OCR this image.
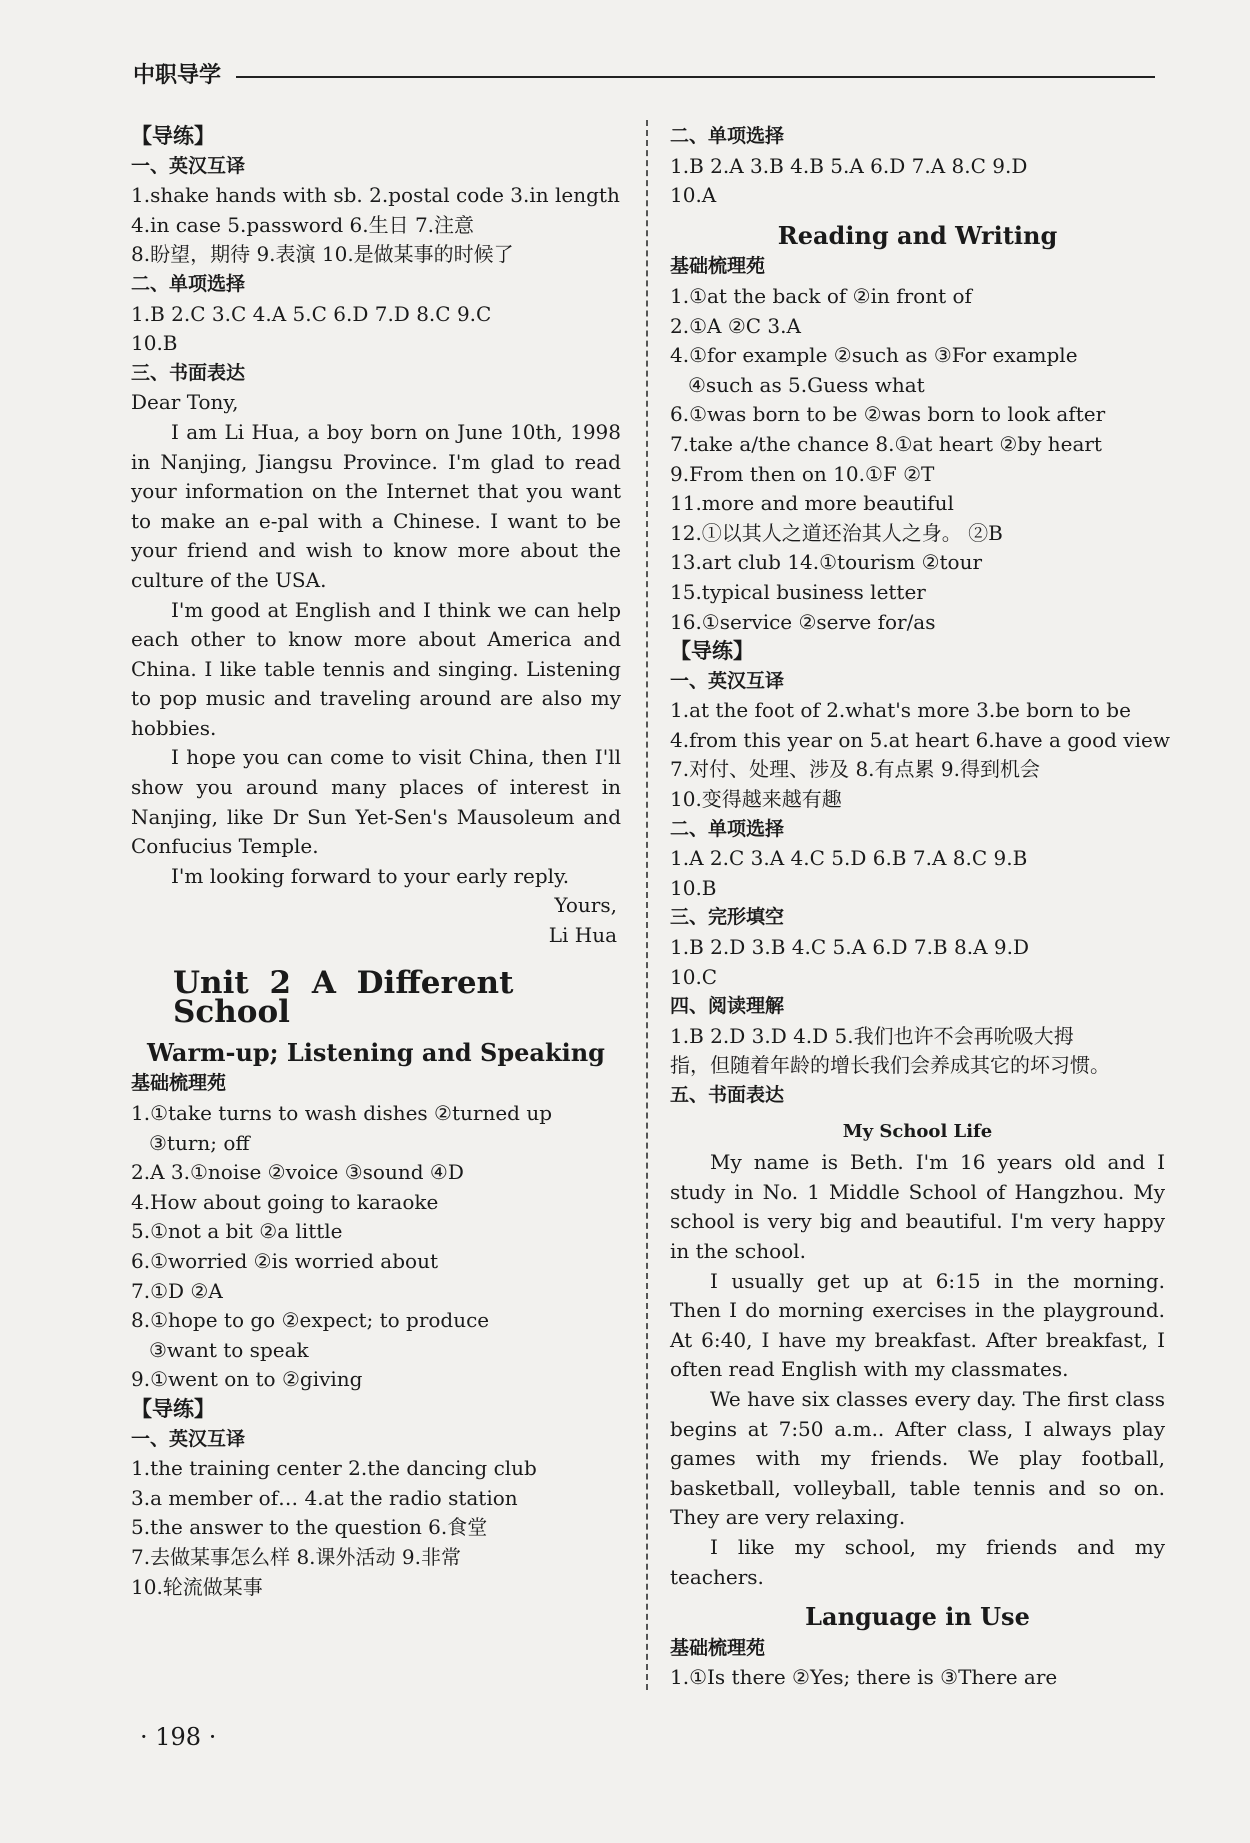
中职导学
【导练】
一、英汉互译
1.shake hands with sb. 2.postal code 3.in length
4.in case 5.password 6.生日 7.注意
8.盼望，期待 9.表演 10.是做某事的时候了
二、单项选择
1.B 2.C 3.C 4.A 5.C 6.D 7.D 8.C 9.C
10.B
三、书面表达
Dear Tony,
I am Li Hua, a boy born on June 10th, 1998 in Nanjing, Jiangsu Province. I'm glad to read your information on the Internet that you want to make an e-pal with a Chinese. I want to be your friend and wish to know more about the culture of the USA.
I'm good at English and I think we can help each other to know more about America and China. I like table tennis and singing. Listening to pop music and traveling around are also my hobbies.
I hope you can come to visit China, then I'll show you around many places of interest in Nanjing, like Dr Sun Yet-Sen's Mausoleum and Confucius Temple.
I'm looking forward to your early reply.
Yours,
Li Hua
Unit 2 A Different School
Warm-up; Listening and Speaking
基础梳理苑
1.①take turns to wash dishes ②turned up
③turn; off
2.A 3.①noise ②voice ③sound ④D
4.How about going to karaoke
5.①not a bit ②a little
6.①worried ②is worried about
7.①D ②A
8.①hope to go ②expect; to produce
③want to speak
9.①went on to ②giving
【导练】
一、英汉互译
1.the training center 2.the dancing club
3.a member of… 4.at the radio station
5.the answer to the question 6.食堂
7.去做某事怎么样 8.课外活动 9.非常
10.轮流做某事
二、单项选择
1.B 2.A 3.B 4.B 5.A 6.D 7.A 8.C 9.D
10.A
Reading and Writing
基础梳理苑
1.①at the back of ②in front of
2.①A ②C 3.A
4.①for example ②such as ③For example
④such as 5.Guess what
6.①was born to be ②was born to look after
7.take a/the chance 8.①at heart ②by heart
9.From then on 10.①F ②T
11.more and more beautiful
12.①以其人之道还治其人之身。 ②B
13.art club 14.①tourism ②tour
15.typical business letter
16.①service ②serve for/as
【导练】
一、英汉互译
1.at the foot of 2.what's more 3.be born to be
4.from this year on 5.at heart 6.have a good view
7.对付、处理、涉及 8.有点累 9.得到机会
10.变得越来越有趣
二、单项选择
1.A 2.C 3.A 4.C 5.D 6.B 7.A 8.C 9.B
10.B
三、完形填空
1.B 2.D 3.B 4.C 5.A 6.D 7.B 8.A 9.D
10.C
四、阅读理解
1.B 2.D 3.D 4.D 5.我们也许不会再吮吸大拇
指，但随着年龄的增长我们会养成其它的坏习惯。
五、书面表达
My School Life
My name is Beth. I'm 16 years old and I study in No. 1 Middle School of Hangzhou. My school is very big and beautiful. I'm very happy in the school.
I usually get up at 6:15 in the morning. Then I do morning exercises in the playground. At 6:40, I have my breakfast. After breakfast, I often read English with my classmates.
We have six classes every day. The first class begins at 7:50 a.m.. After class, I always play games with my friends. We play football, basketball, volleyball, table tennis and so on. They are very relaxing.
I like my school, my friends and my teachers.
Language in Use
基础梳理苑
1.①Is there ②Yes; there is ③There are
· 198 ·
